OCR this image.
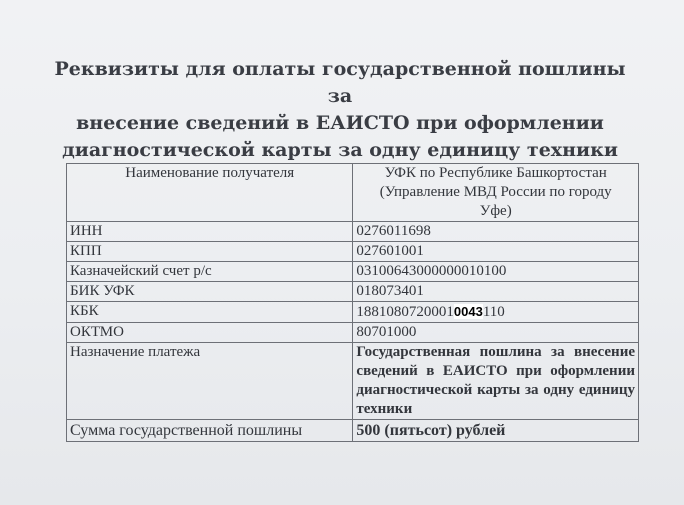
Реквизиты для оплаты государственной пошлины за
внесение сведений в ЕАИСТО при оформлении
диагностической карты за одну единицу техники
Наименование получателя	УФК по Республике Башкортостан
(Управление МВД России по городу
Уфе)

ИНН	0276011698
КПП	027601001
Казначейский счет р/с	03100643000000010100
БИК УФК	018073401
КБК	18810807200010043110
ОКТМО	80701000
Назначение платежа	Государственная пошлина за внесение сведений в ЕАИСТО при оформлении диагностической карты за одну единицу техники
Сумма государственной пошлины	500 (пятьсот) рублей
